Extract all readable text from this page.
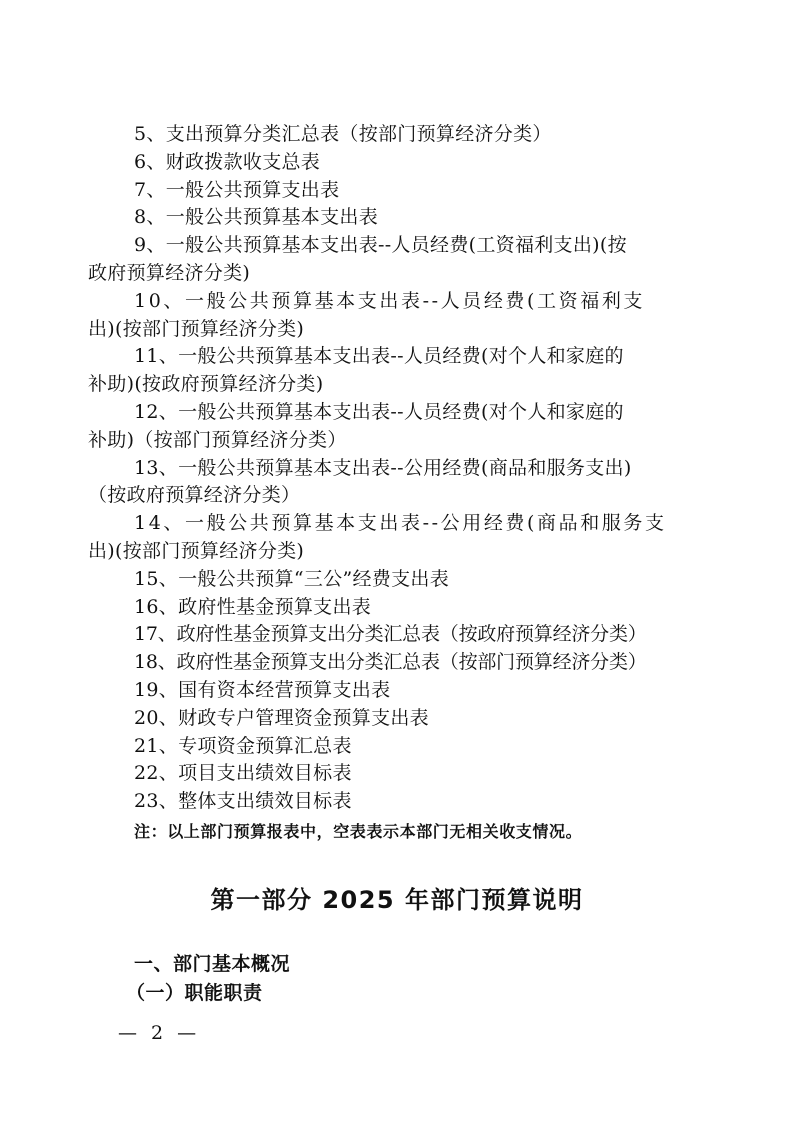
5、支出预算分类汇总表（按部门预算经济分类）

6、财政拨款收支总表

7、一般公共预算支出表

8、一般公共预算基本支出表

9、一般公共预算基本支出表--人员经费(工资福利支出)(按
政府预算经济分类)

10、一般公共预算基本支出表--人员经费(工资福利支
出)(按部门预算经济分类)

11、一般公共预算基本支出表--人员经费(对个人和家庭的
补助)(按政府预算经济分类)

12、一般公共预算基本支出表--人员经费(对个人和家庭的
补助)（按部门预算经济分类）

13、一般公共预算基本支出表--公用经费(商品和服务支出)
（按政府预算经济分类）

14、一般公共预算基本支出表--公用经费(商品和服务支
出)(按部门预算经济分类)

15、一般公共预算“三公”经费支出表

16、政府性基金预算支出表

17、政府性基金预算支出分类汇总表（按政府预算经济分类）

18、政府性基金预算支出分类汇总表（按部门预算经济分类）

19、国有资本经营预算支出表

20、财政专户管理资金预算支出表

21、专项资金预算汇总表

22、项目支出绩效目标表

23、整体支出绩效目标表

注：以上部门预算报表中，空表表示本部门无相关收支情况。
第一部分 2025 年部门预算说明
一、部门基本概况
（一）职能职责
— 2 —
